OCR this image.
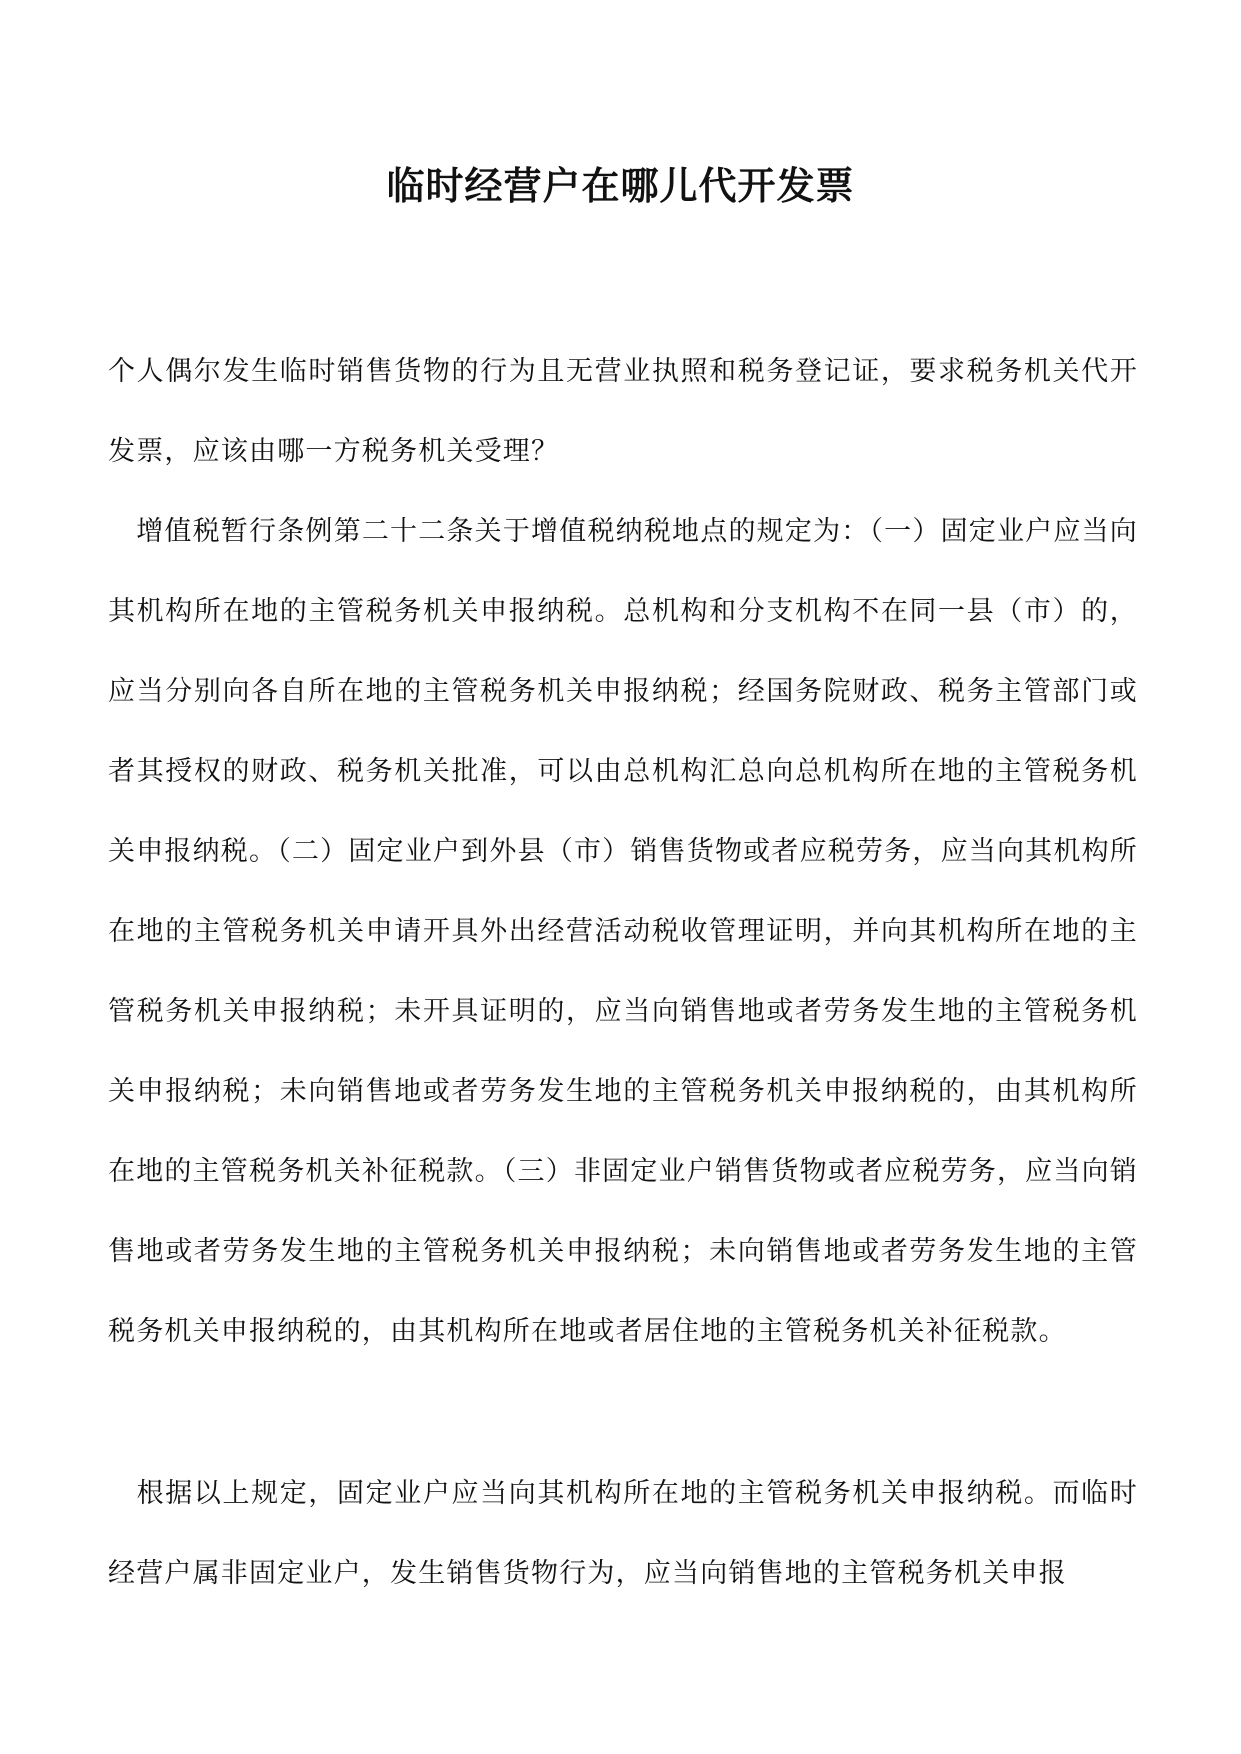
临时经营户在哪儿代开发票

个人偶尔发生临时销售货物的行为且无营业执照和税务登记证，要求税务机关代开发票，应该由哪一方税务机关受理？

　增值税暂行条例第二十二条关于增值税纳税地点的规定为：（一）固定业户应当向其机构所在地的主管税务机关申报纳税。总机构和分支机构不在同一县（市）的，应当分别向各自所在地的主管税务机关申报纳税；经国务院财政、税务主管部门或者其授权的财政、税务机关批准，可以由总机构汇总向总机构所在地的主管税务机关申报纳税。（二）固定业户到外县（市）销售货物或者应税劳务，应当向其机构所在地的主管税务机关申请开具外出经营活动税收管理证明，并向其机构所在地的主管税务机关申报纳税；未开具证明的，应当向销售地或者劳务发生地的主管税务机关申报纳税；未向销售地或者劳务发生地的主管税务机关申报纳税的，由其机构所在地的主管税务机关补征税款。（三）非固定业户销售货物或者应税劳务，应当向销售地或者劳务发生地的主管税务机关申报纳税；未向销售地或者劳务发生地的主管税务机关申报纳税的，由其机构所在地或者居住地的主管税务机关补征税款。

　根据以上规定，固定业户应当向其机构所在地的主管税务机关申报纳税。而临时经营户属非固定业户，发生销售货物行为，应当向销售地的主管税务机关申报
